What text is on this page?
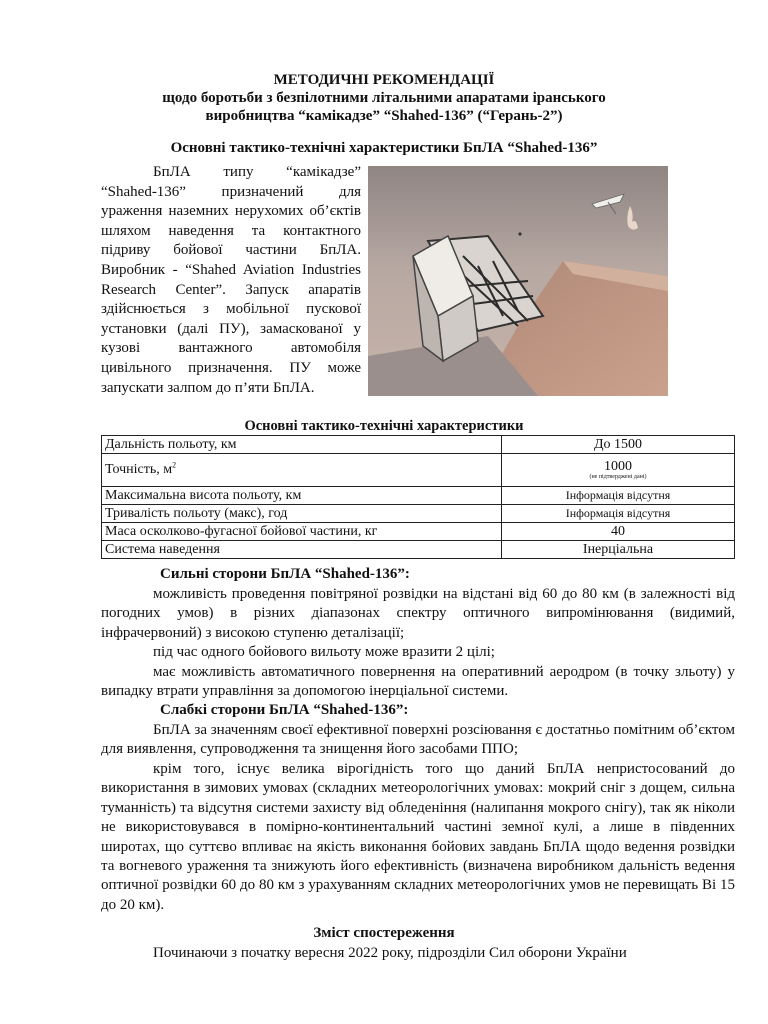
МЕТОДИЧНІ РЕКОМЕНДАЦІЇ
щодо боротьби з безпілотними літальними апаратами іранського
виробництва “камікадзе” “Shahed-136” (“Герань-2”)
Основні тактико-технічні характеристики БпЛА “Shahed-136”

БпЛА типу “камікадзе” “Shahed-136” призначений для ураження наземних нерухомих об’єктів шляхом наведення та контактного підриву бойової частини БпЛА. Виробник - “Shahed Aviation Industries Research Center”. Запуск апаратів здійснюється з мобільної пускової установки (далі ПУ), замаскованої у кузові вантажного автомобіля цивільного призначення. ПУ може запускати залпом до п’яти БпЛА.

Основні тактико-технічні характеристики
Дальність польоту, км	До 1500
Точність, $м^2$	1000
(не підтверджені дані)

Максимальна висота польоту, км	Інформація відсутня
Тривалість польоту (макс), год	Інформація відсутня
Маса осколково-фугасної бойової частини, кг	40
Система наведення	Інерціальна
Сильні сторони БпЛА “Shahed-136”:

можливість проведення повітряної розвідки на відстані від 60 до 80 км (в залежності від погодних умов) в різних діапазонах спектру оптичного випромінювання (видимий, інфрачервоний) з високою ступеню деталізації;

під час одного бойового вильоту може вразити 2 цілі;

має можливість автоматичного повернення на оперативний аеродром (в точку зльоту) у випадку втрати управління за допомогою інерціальної системи.

Слабкі сторони БпЛА “Shahed-136”:

БпЛА за значенням своєї ефективної поверхні розсіювання є достатньо помітним об’єктом для виявлення, супроводження та знищення його засобами ППО;

крім того, існує велика вірогідність того що даний БпЛА непристосований до використання в зимових умовах (складних метеорологічних умовах: мокрий сніг з дощем, сильна туманність) та відсутня системи захисту від обледеніння (налипання мокрого снігу), так як ніколи не використовувався в помірно-континентальний частині земної кулі, а лише в південних широтах, що суттєво впливає на якість виконання бойових завдань БпЛА щодо ведення розвідки та вогневого ураження та знижують його ефективність (визначена виробником дальність ведення оптичної розвідки 60 до 80 км з урахуванням складних метеорологічних умов не перевищать Ві 15 до 20 км).

Зміст спостереження

Починаючи з початку вересня 2022 року, підрозділи Сил оборони України
